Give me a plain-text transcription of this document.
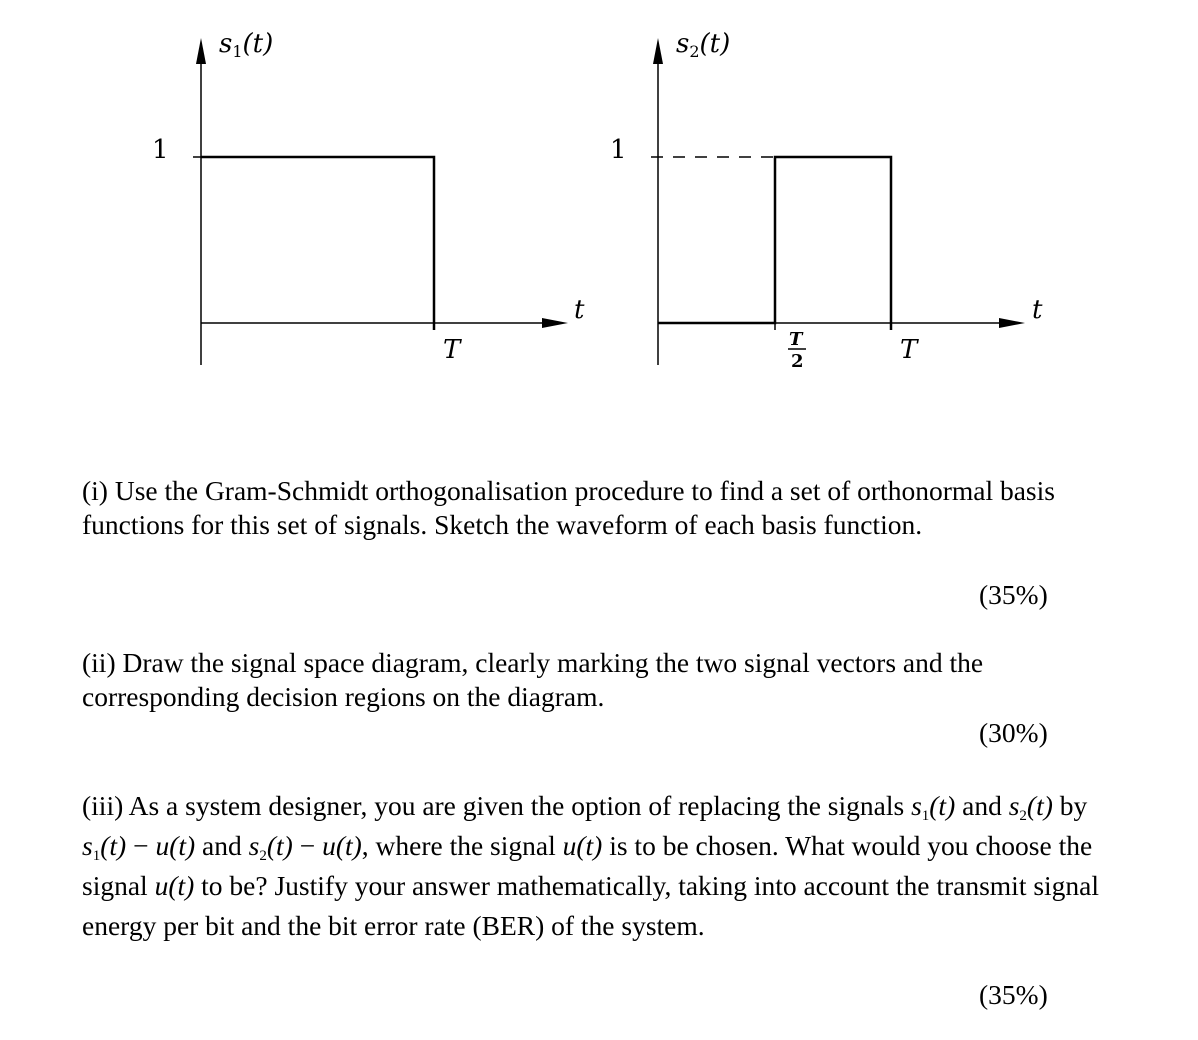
1
T
t
s1(t)
1
T
2	T
t
s2(t)
(i) Use the Gram-Schmidt orthogonalisation procedure to find a set of orthonormal basis functions for this set of signals. Sketch the waveform of each basis function.
(35%)
(ii) Draw the signal space diagram, clearly marking the two signal vectors and the corresponding decision regions on the diagram.
(30%)
(iii) As a system designer, you are given the option of replacing the signals $s_1(t)$ and $s_2(t)$ by $s_1(t) - u(t)$ and $s_2(t) - u(t)$, where the signal u(t) is to be chosen. What would you choose the signal u(t) to be? Justify your answer mathematically, taking into account the transmit signal energy per bit and the bit error rate (BER) of the system.
(35%)
